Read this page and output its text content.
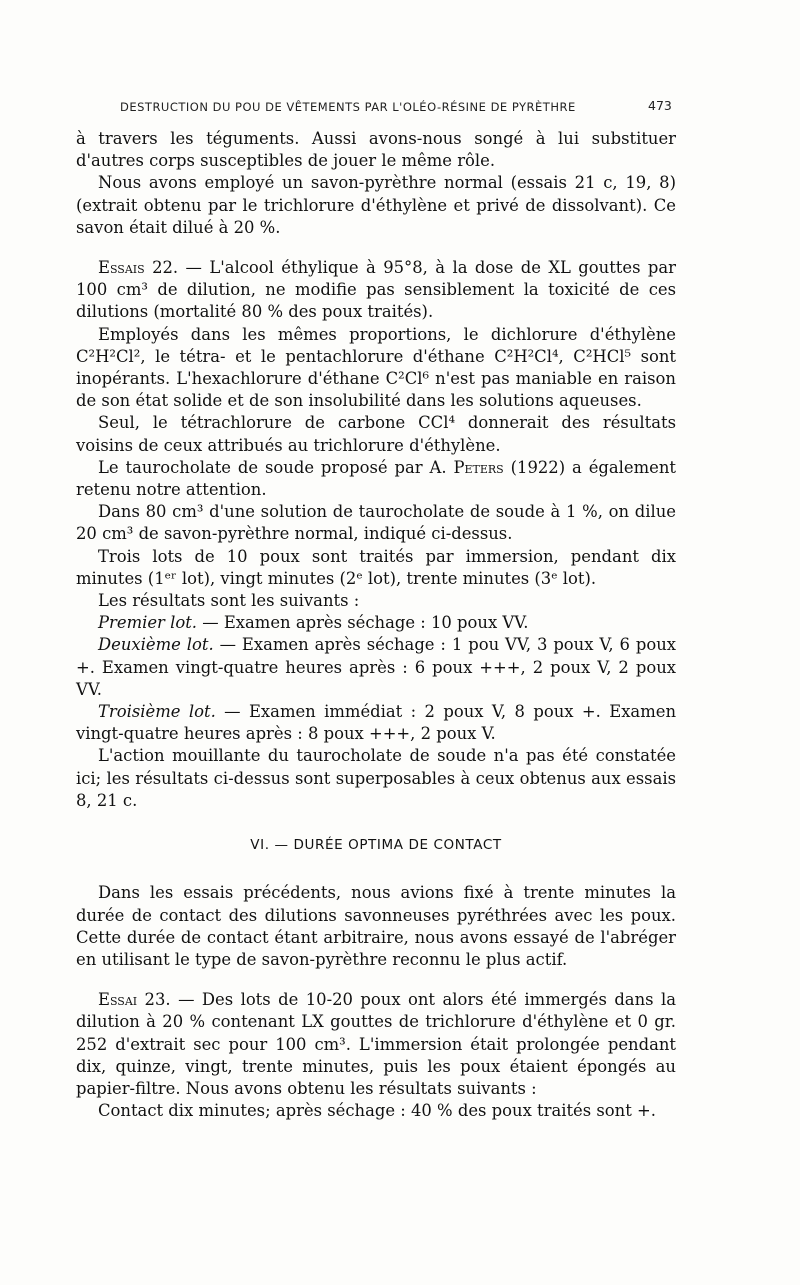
DESTRUCTION DU POU DE VÊTEMENTS PAR L'OLÉO-RÉSINE DE PYRÈTHRE	473

à travers les téguments. Aussi avons-nous songé à lui substituer d'autres corps susceptibles de jouer le même rôle.

Nous avons employé un savon-pyrèthre normal (essais 21 c, 19, 8) (extrait obtenu par le trichlorure d'éthylène et privé de dissolvant). Ce savon était dilué à 20 %.

Essais 22. — L'alcool éthylique à 95°8, à la dose de XL gouttes par 100 cm³ de dilution, ne modifie pas sensiblement la toxicité de ces dilutions (mortalité 80 % des poux traités).

Employés dans les mêmes proportions, le dichlorure d'éthylène C²H²Cl², le tétra- et le pentachlorure d'éthane C²H²Cl⁴, C²HCl⁵ sont inopérants. L'hexachlorure d'éthane C²Cl⁶ n'est pas maniable en raison de son état solide et de son insolubilité dans les solutions aqueuses.

Seul, le tétrachlorure de carbone CCl⁴ donnerait des résultats voisins de ceux attribués au trichlorure d'éthylène.

Le taurocholate de soude proposé par A. Peters (1922) a également retenu notre attention.

Dans 80 cm³ d'une solution de taurocholate de soude à 1 %, on dilue 20 cm³ de savon-pyrèthre normal, indiqué ci-dessus.

Trois lots de 10 poux sont traités par immersion, pendant dix minutes (1ᵉʳ lot), vingt minutes (2ᵉ lot), trente minutes (3ᵉ lot).

Les résultats sont les suivants :

Premier lot. — Examen après séchage : 10 poux VV.

Deuxième lot. — Examen après séchage : 1 pou VV, 3 poux V, 6 poux +. Examen vingt-quatre heures après : 6 poux +++, 2 poux V, 2 poux VV.

Troisième lot. — Examen immédiat : 2 poux V, 8 poux +. Examen vingt-quatre heures après : 8 poux +++, 2 poux V.

L'action mouillante du taurocholate de soude n'a pas été constatée ici; les résultats ci-dessus sont superposables à ceux obtenus aux essais 8, 21 c.

VI. — DURÉE OPTIMA DE CONTACT

Dans les essais précédents, nous avions fixé à trente minutes la durée de contact des dilutions savonneuses pyréthrées avec les poux. Cette durée de contact étant arbitraire, nous avons essayé de l'abréger en utilisant le type de savon-pyrèthre reconnu le plus actif.

Essai 23. — Des lots de 10-20 poux ont alors été immergés dans la dilution à 20 % contenant LX gouttes de trichlorure d'éthylène et 0 gr. 252 d'extrait sec pour 100 cm³. L'immersion était prolongée pendant dix, quinze, vingt, trente minutes, puis les poux étaient épongés au papier-filtre. Nous avons obtenu les résultats suivants :

Contact dix minutes; après séchage : 40 % des poux traités sont +.
